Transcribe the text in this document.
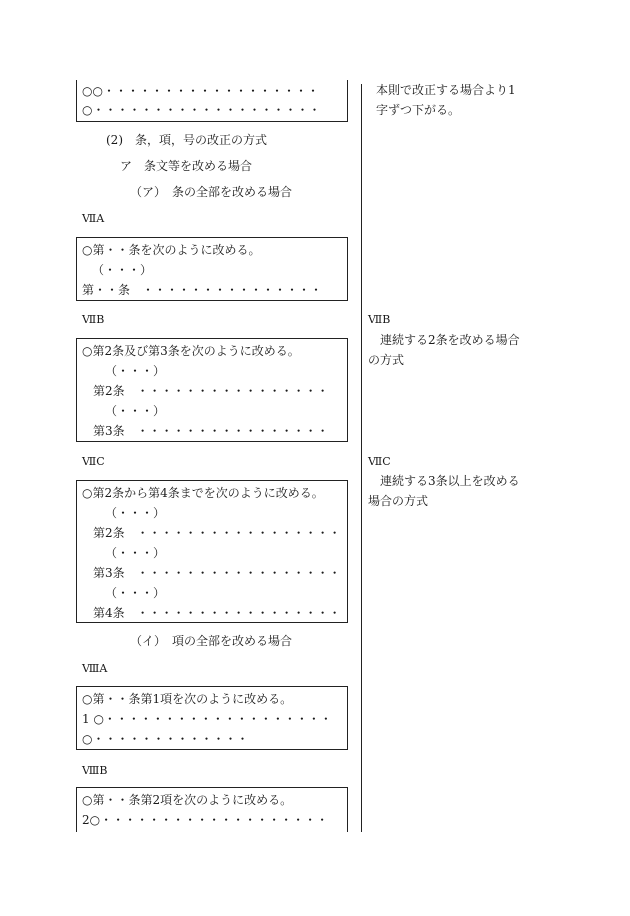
○○・・・・・・・・・・・・・・・・・・
○・・・・・・・・・・・・・・・・・・・
(2)　条，項，号の改正の方式
ア　条文等を改める場合
（ア）　条の全部を改める場合
ⅦA
○第・・条を次のように改める。
（・・・）
第・・条　・・・・・・・・・・・・・・・
ⅦB
○第2条及び第3条を次のように改める。
（・・・）
第2条　・・・・・・・・・・・・・・・・
（・・・）
第3条　・・・・・・・・・・・・・・・・
ⅦC
○第2条から第4条までを次のように改める。
（・・・）
第2条　・・・・・・・・・・・・・・・・・
（・・・）
第3条　・・・・・・・・・・・・・・・・・
（・・・）
第4条　・・・・・・・・・・・・・・・・・
（イ）　項の全部を改める場合
ⅧA
○第・・条第1項を次のように改める。
1 ○・・・・・・・・・・・・・・・・・・・
○・・・・・・・・・・・・・
ⅧB
○第・・条第2項を次のように改める。
2○・・・・・・・・・・・・・・・・・・・
本則で改正する場合より1
字ずつ下がる。
ⅦB
　連続する2条を改める場合
の方式
ⅦC
　連続する3条以上を改める
場合の方式
